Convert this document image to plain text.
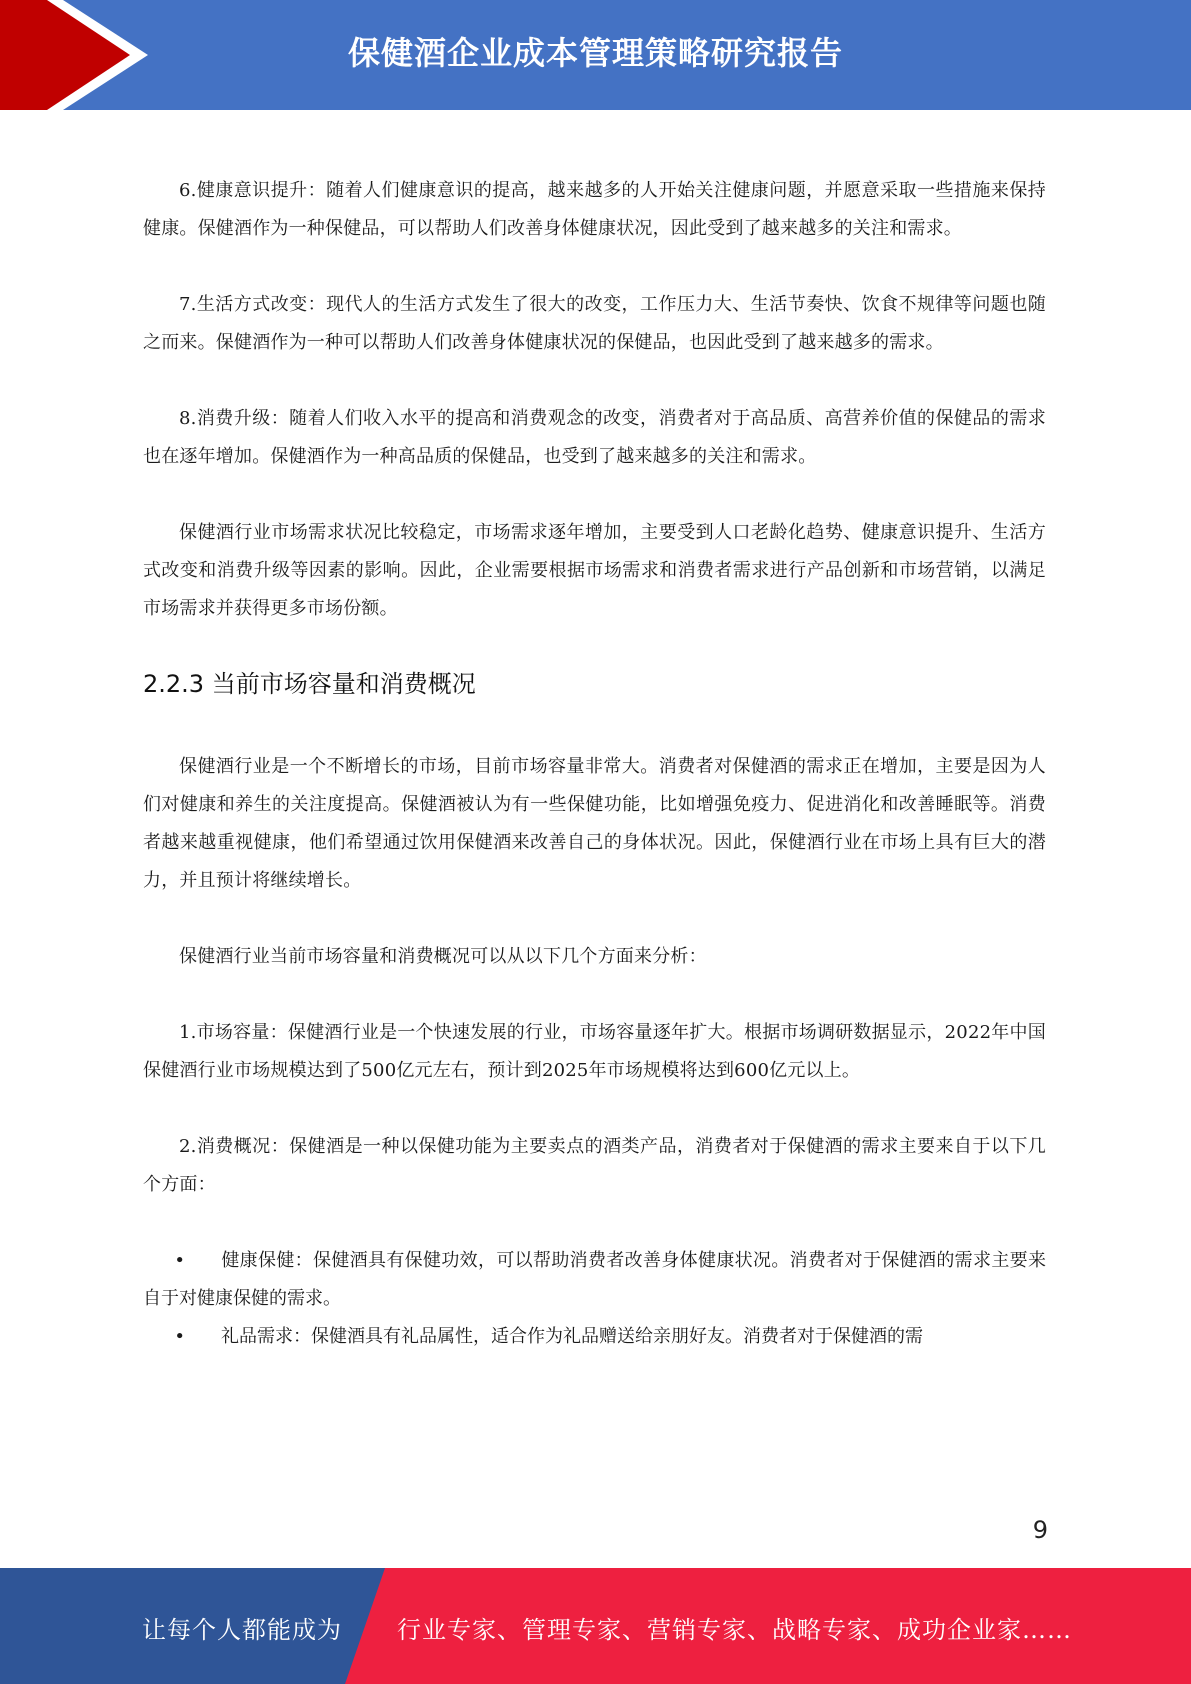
保健酒企业成本管理策略研究报告

6.健康意识提升：随着人们健康意识的提高，越来越多的人开始关注健康问题，并愿意采取一些措施来保持健康。保健酒作为一种保健品，可以帮助人们改善身体健康状况，因此受到了越来越多的关注和需求。

7.生活方式改变：现代人的生活方式发生了很大的改变，工作压力大、生活节奏快、饮食不规律等问题也随之而来。保健酒作为一种可以帮助人们改善身体健康状况的保健品，也因此受到了越来越多的需求。

8.消费升级：随着人们收入水平的提高和消费观念的改变，消费者对于高品质、高营养价值的保健品的需求也在逐年增加。保健酒作为一种高品质的保健品，也受到了越来越多的关注和需求。

保健酒行业市场需求状况比较稳定，市场需求逐年增加，主要受到人口老龄化趋势、健康意识提升、生活方式改变和消费升级等因素的影响。因此，企业需要根据市场需求和消费者需求进行产品创新和市场营销，以满足市场需求并获得更多市场份额。

2.2.3 当前市场容量和消费概况

保健酒行业是一个不断增长的市场，目前市场容量非常大。消费者对保健酒的需求正在增加，主要是因为人们对健康和养生的关注度提高。保健酒被认为有一些保健功能，比如增强免疫力、促进消化和改善睡眠等。消费者越来越重视健康，他们希望通过饮用保健酒来改善自己的身体状况。因此，保健酒行业在市场上具有巨大的潜力，并且预计将继续增长。

保健酒行业当前市场容量和消费概况可以从以下几个方面来分析：

1.市场容量：保健酒行业是一个快速发展的行业，市场容量逐年扩大。根据市场调研数据显示，2022年中国保健酒行业市场规模达到了500亿元左右，预计到2025年市场规模将达到600亿元以上。

2.消费概况：保健酒是一种以保健功能为主要卖点的酒类产品，消费者对于保健酒的需求主要来自于以下几个方面：

• 健康保健：保健酒具有保健功效，可以帮助消费者改善身体健康状况。消费者对于保健酒的需求主要来自于对健康保健的需求。

• 礼品需求：保健酒具有礼品属性，适合作为礼品赠送给亲朋好友。消费者对于保健酒的需

9
让每个人都能成为 行业专家、管理专家、营销专家、战略专家、成功企业家……
